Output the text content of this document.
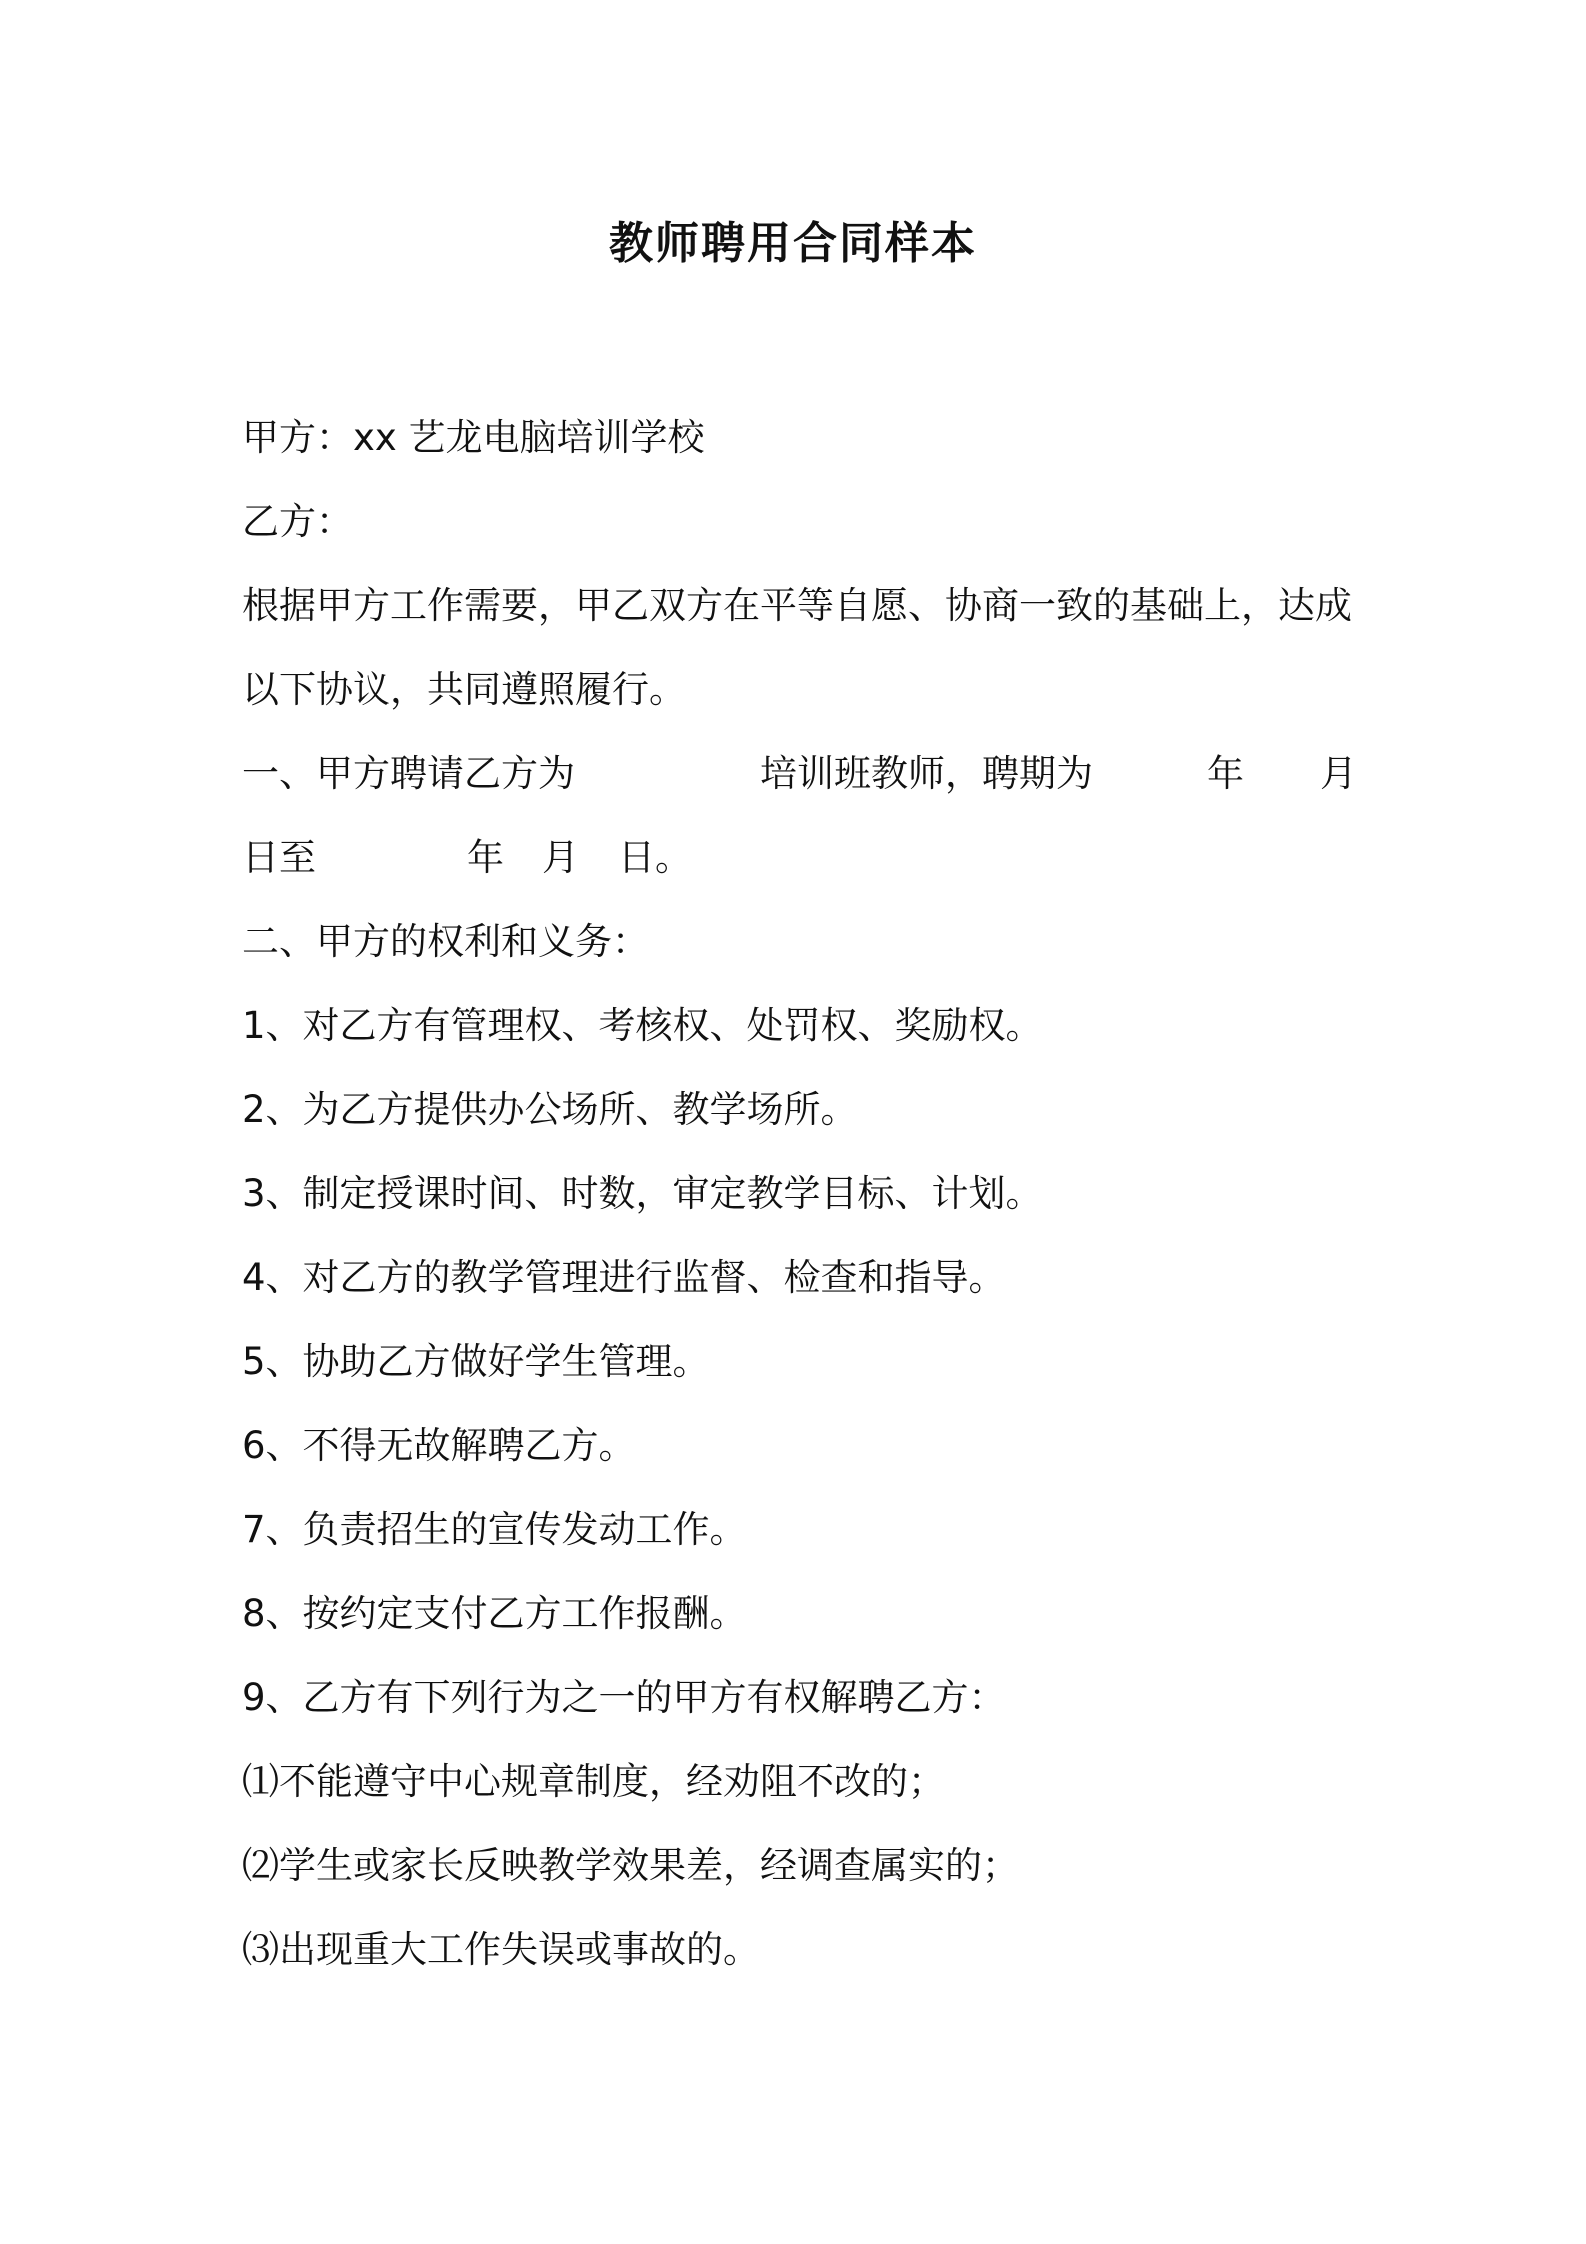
教师聘用合同样本
甲方：xx 艺龙电脑培训学校
乙方：
根据甲方工作需要，甲乙双方在平等自愿、协商一致的基础上，达成
以下协议，共同遵照履行。

一、甲方聘请乙方为

	培训班教师，聘期为

	年

月

日至

	年

月

日。

二、甲方的权利和义务：
1、对乙方有管理权、考核权、处罚权、奖励权。
2、为乙方提供办公场所、教学场所。
3、制定授课时间、时数，审定教学目标、计划。
4、对乙方的教学管理进行监督、检查和指导。
5、协助乙方做好学生管理。
6、不得无故解聘乙方。
7、负责招生的宣传发动工作。
8、按约定支付乙方工作报酬。
9、乙方有下列行为之一的甲方有权解聘乙方：
⑴不能遵守中心规章制度，经劝阻不改的；
⑵学生或家长反映教学效果差，经调查属实的；
⑶出现重大工作失误或事故的。
